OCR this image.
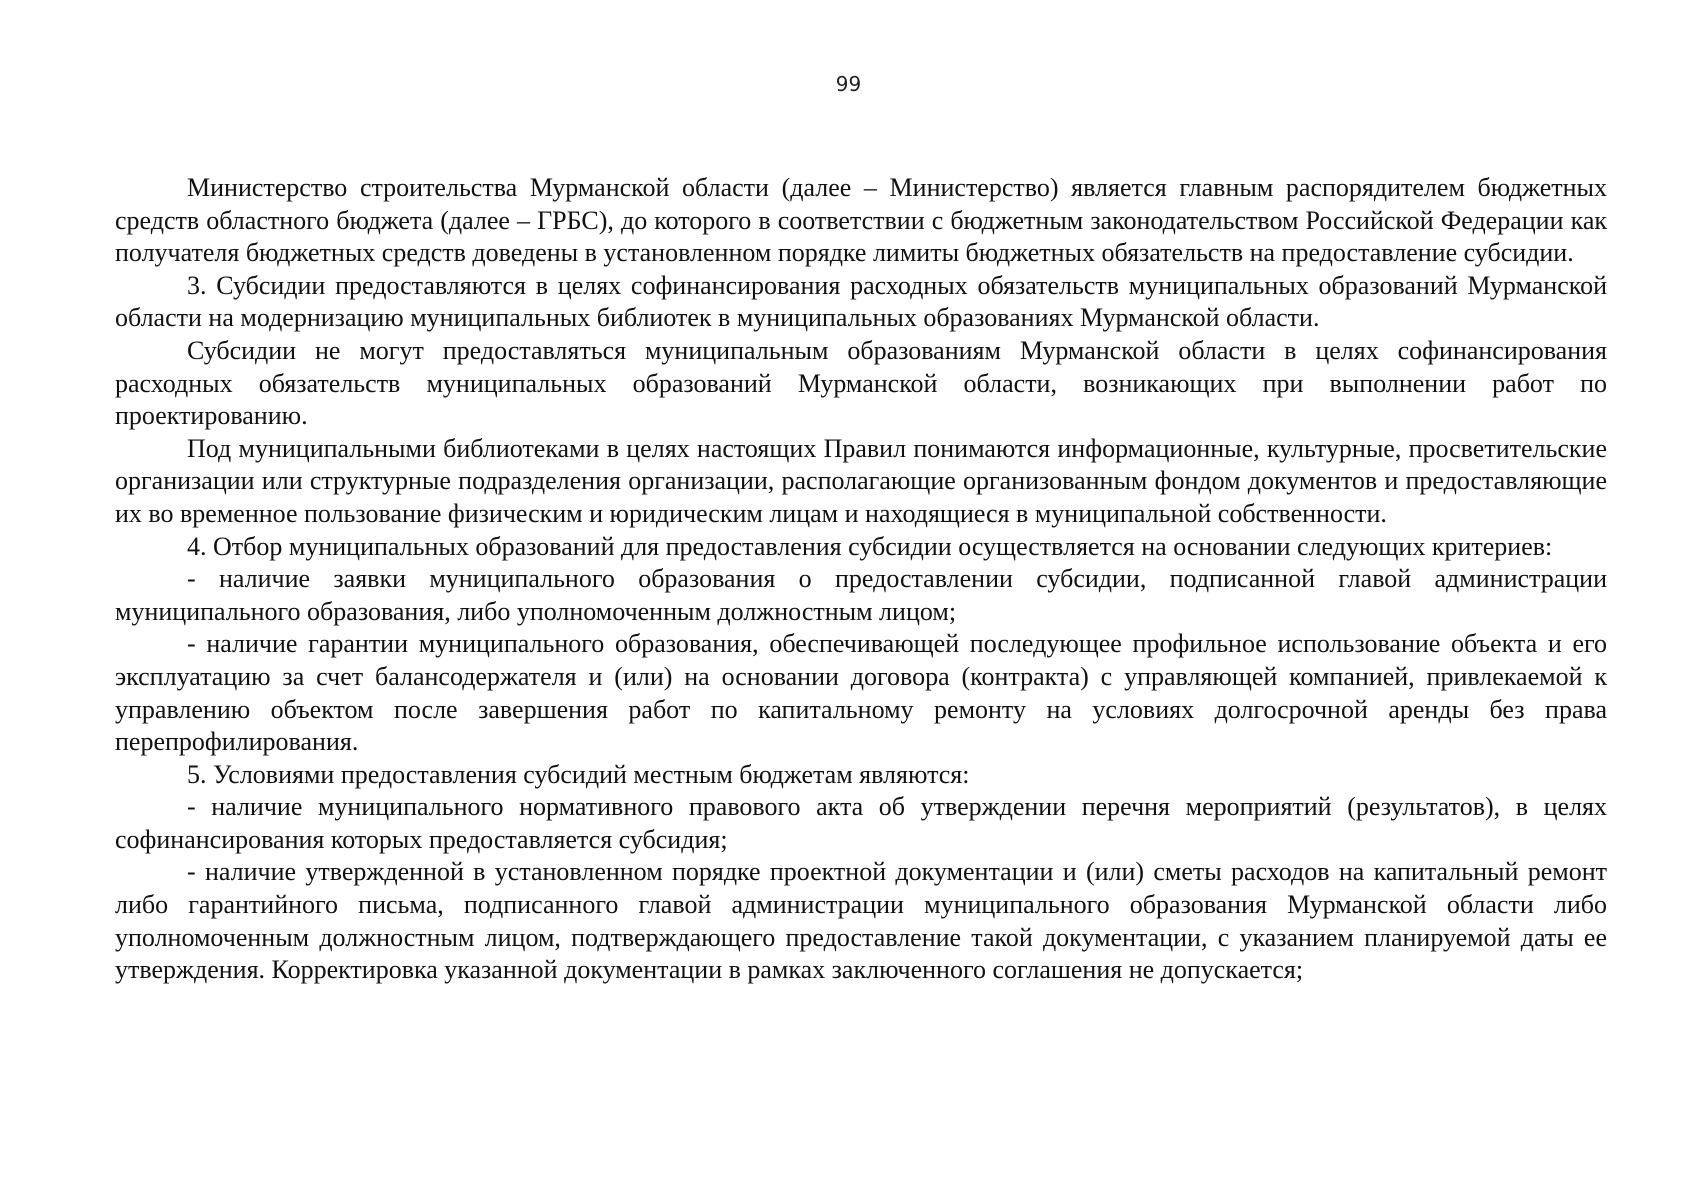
99

Министерство строительства Мурманской области (далее – Министерство) является главным распорядителем бюджетных средств областного бюджета (далее – ГРБС), до которого в соответствии с бюджетным законодательством Российской Федерации как получателя бюджетных средств доведены в установленном порядке лимиты бюджетных обязательств на предоставление субсидии.

3. Субсидии предоставляются в целях софинансирования расходных обязательств муниципальных образований Мурманской области на модернизацию муниципальных библиотек в муниципальных образованиях Мурманской области.

Субсидии не могут предоставляться муниципальным образованиям Мурманской области в целях софинансирования расходных обязательств муниципальных образований Мурманской области, возникающих при выполнении работ по проектированию.

Под муниципальными библиотеками в целях настоящих Правил понимаются информационные, культурные, просветительские организации или структурные подразделения организации, располагающие организованным фондом документов и предоставляющие их во временное пользование физическим и юридическим лицам и находящиеся в муниципальной собственности.

4. Отбор муниципальных образований для предоставления субсидии осуществляется на основании следующих критериев:

- наличие заявки муниципального образования о предоставлении субсидии, подписанной главой администрации муниципального образования, либо уполномоченным должностным лицом;

- наличие гарантии муниципального образования, обеспечивающей последующее профильное использование объекта и его эксплуатацию за счет балансодержателя и (или) на основании договора (контракта) с управляющей компанией, привлекаемой к управлению объектом после завершения работ по капитальному ремонту на условиях долгосрочной аренды без права перепрофилирования.

5. Условиями предоставления субсидий местным бюджетам являются:

- наличие муниципального нормативного правового акта об утверждении перечня мероприятий (результатов), в целях софинансирования которых предоставляется субсидия;

- наличие утвержденной в установленном порядке проектной документации и (или) сметы расходов на капитальный ремонт либо гарантийного письма, подписанного главой администрации муниципального образования Мурманской области либо уполномоченным должностным лицом, подтверждающего предоставление такой документации, с указанием планируемой даты ее утверждения. Корректировка указанной документации в рамках заключенного соглашения не допускается;
